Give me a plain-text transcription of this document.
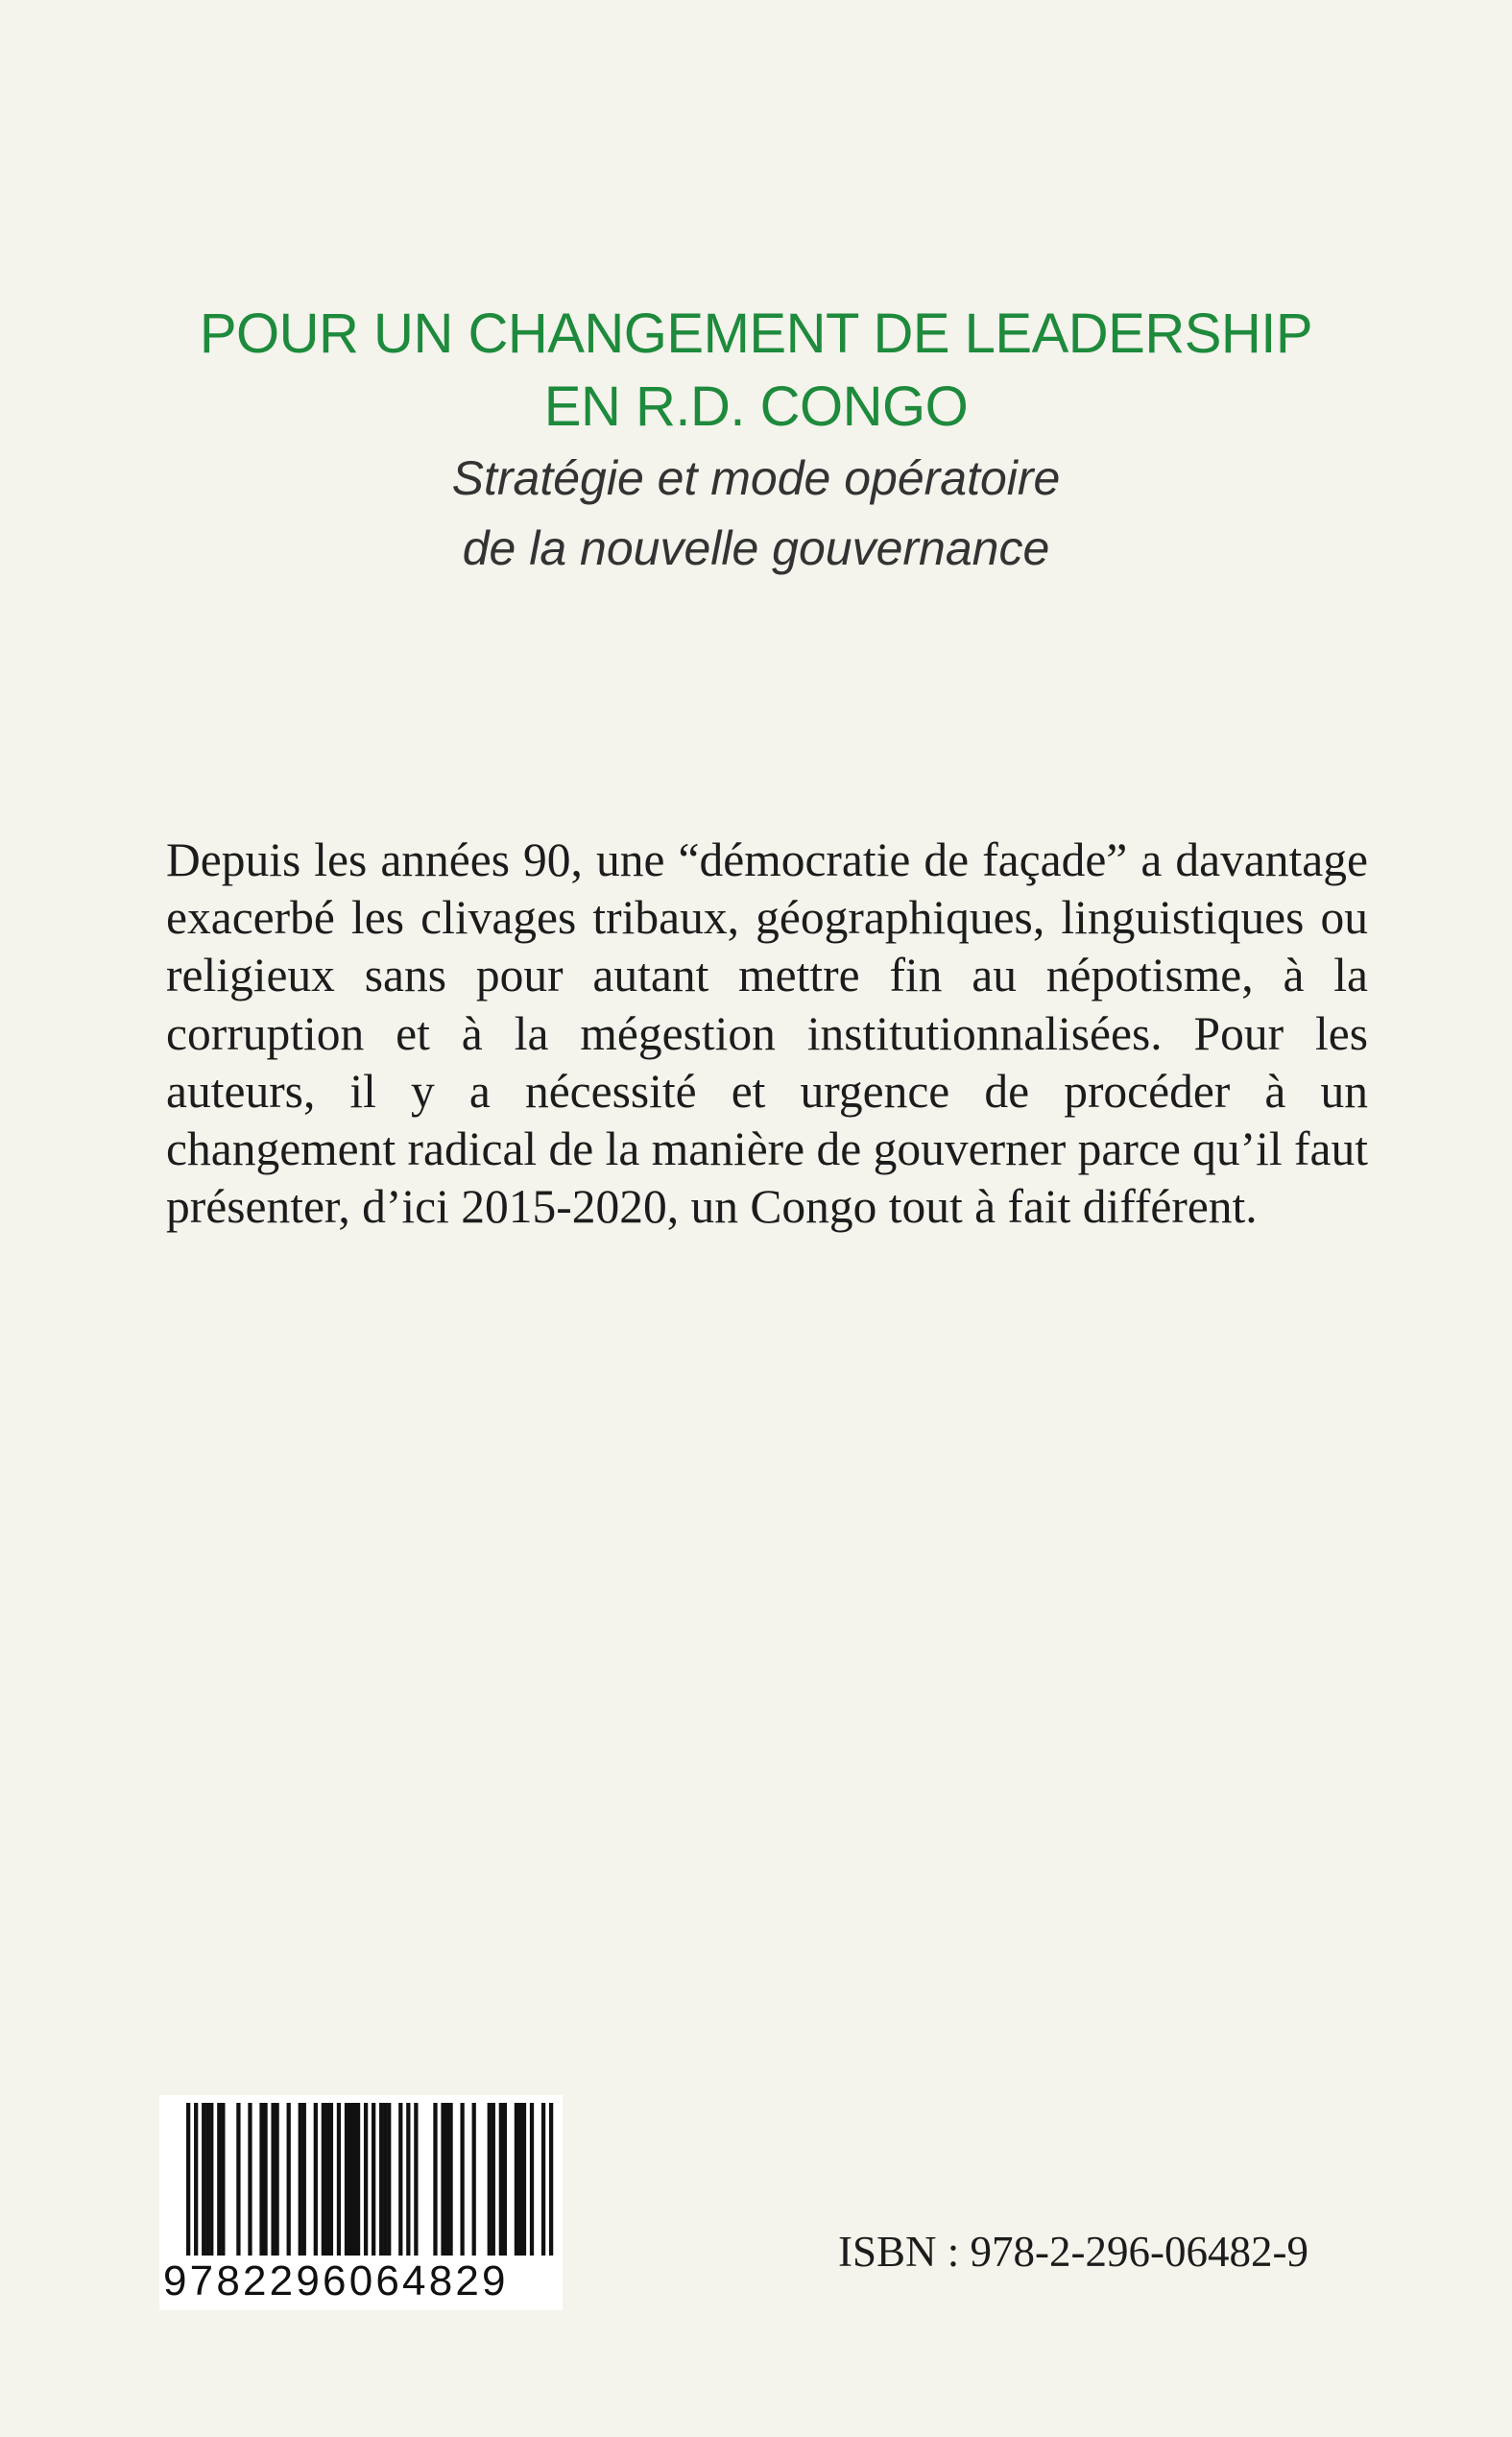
POUR UN CHANGEMENT DE LEADERSHIP
EN R.D. CONGO
Stratégie et mode opératoire
de la nouvelle gouvernance

Depuis les années 90, une “démocratie de façade” a davantage exacerbé les clivages tribaux, géographiques, linguistiques ou religieux sans pour autant mettre fin au népotisme, à la corruption et à la mégestion institutionnalisées. Pour les auteurs, il y a nécessité et urgence de procéder à un changement radical de la manière de gouverner parce qu’il faut présenter, d’ici 2015-2020, un Congo tout à fait différent.

9782296064829
ISBN : 978-2-296-06482-9
